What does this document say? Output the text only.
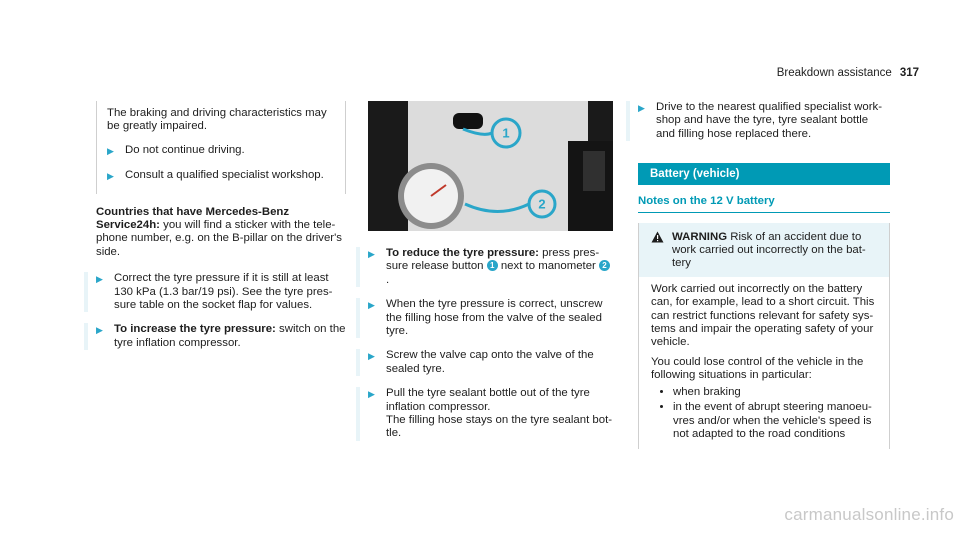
Breakdown assistance 317

The braking and driving characteristics may be greatly impaired.

▶ Do not continue driving.
▶ Consult a qualified specialist workshop.
Countries that have Mercedes-Benz Service24h: you will find a sticker with the tele-phone number, e.g. on the B-pillar on the driver's side.
▶ Correct the tyre pressure if it is still at least 130 kPa (1.3 bar/19 psi). See the tyre pres-sure table on the socket flap for values.
▶ To increase the tyre pressure: switch on the tyre inflation compressor.
1
2
▶ To reduce the tyre pressure: press pres-sure release button 1 next to manometer 2.
▶ When the tyre pressure is correct, unscrew the filling hose from the valve of the sealed tyre.
▶ Screw the valve cap onto the valve of the sealed tyre.
▶ Pull the tyre sealant bottle out of the tyre inflation compressor.
The filling hose stays on the tyre sealant bot-tle.
▶ Drive to the nearest qualified specialist work-shop and have the tyre, tyre sealant bottle and filling hose replaced there.
Battery (vehicle)
Notes on the 12 V battery
WARNING Risk of an accident due to work carried out incorrectly on the bat-tery

Work carried out incorrectly on the battery can, for example, lead to a short circuit. This can restrict functions relevant for safety sys-tems and impair the operating safety of your vehicle.

You could lose control of the vehicle in the following situations in particular:

• when braking
• in the event of abrupt steering manoeu-vres and/or when the vehicle's speed is not adapted to the road conditions
carmanualsonline.info
